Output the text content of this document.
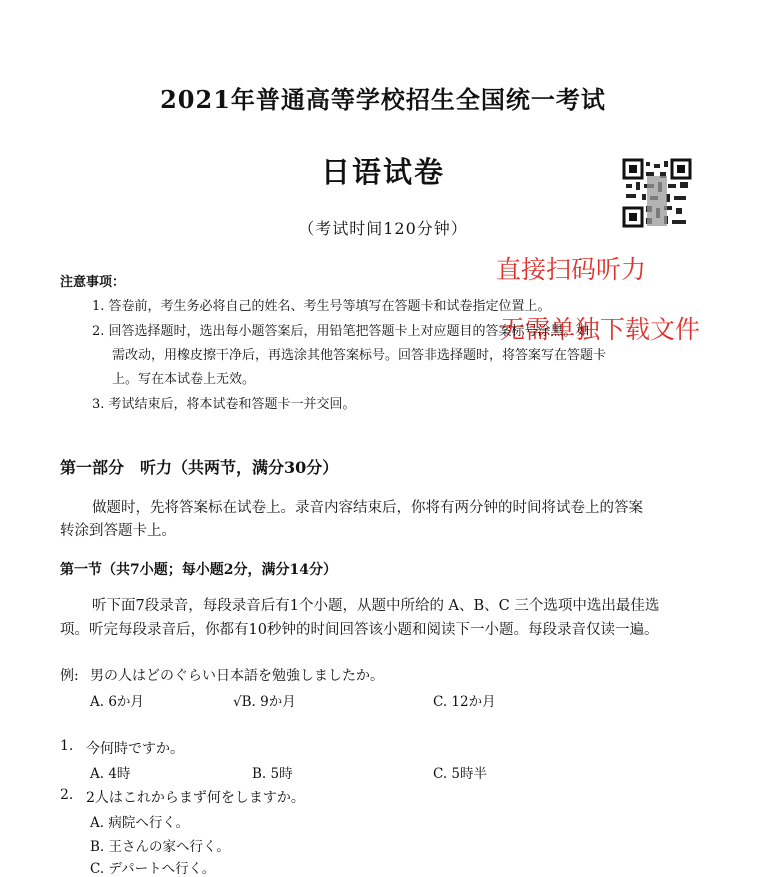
2021年普通高等学校招生全国统一考试
日语试卷
（考试时间120分钟）
直接扫码听力
无需单独下载文件
注意事项：
1. 答卷前，考生务必将自己的姓名、考生号等填写在答题卡和试卷指定位置上。
2. 回答选择题时，选出每小题答案后，用铅笔把答题卡上对应题目的答案标号涂黑。如
需改动，用橡皮擦干净后，再选涂其他答案标号。回答非选择题时，将答案写在答题卡
上。写在本试卷上无效。
3. 考试结束后，将本试卷和答题卡一并交回。
第一部分　听力（共两节，满分30分）
做题时，先将答案标在试卷上。录音内容结束后，你将有两分钟的时间将试卷上的答案
转涂到答题卡上。
第一节（共7小题；每小题2分，满分14分）
听下面7段录音，每段录音后有1个小题，从题中所给的 A、B、C 三个选项中选出最佳选
项。听完每段录音后，你都有10秒钟的时间回答该小题和阅读下一小题。每段录音仅读一遍。
例: 男の人はどのぐらい日本語を勉強しましたか。
A. 6か月	√B. 9か月	C. 12か月
1. 今何時ですか。
A. 4時	B. 5時	C. 5時半
2. 2人はこれからまず何をしますか。
A. 病院へ行く。
B. 王さんの家へ行く。
C. デパートへ行く。
